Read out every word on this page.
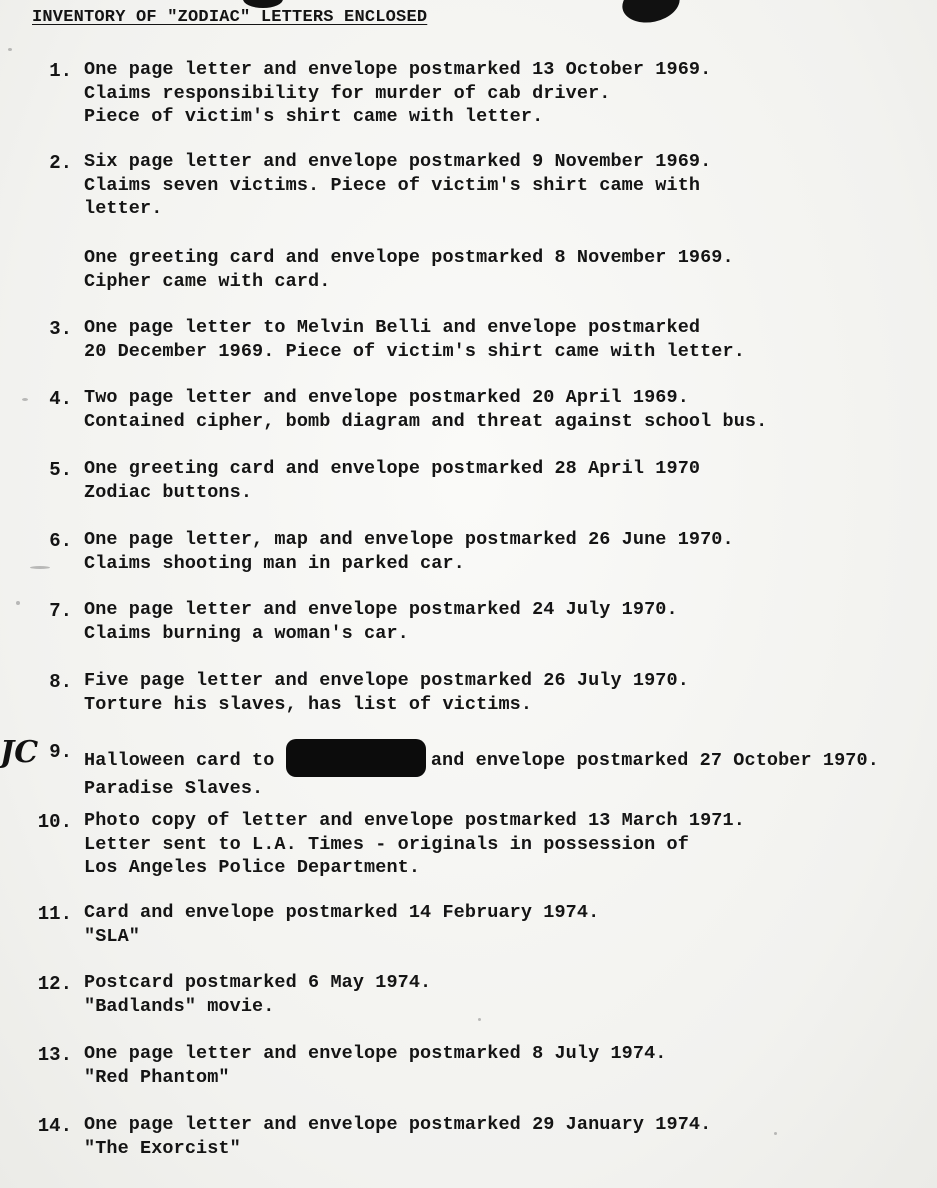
INVENTORY OF "ZODIAC" LETTERS ENCLOSED
JC
1. One page letter and envelope postmarked 13 October 1969.
Claims responsibility for murder of cab driver.
Piece of victim's shirt came with letter.
2. Six page letter and envelope postmarked 9 November 1969.
Claims seven victims. Piece of victim's shirt came with
letter.
One greeting card and envelope postmarked 8 November 1969.
Cipher came with card.
3. One page letter to Melvin Belli and envelope postmarked
20 December 1969. Piece of victim's shirt came with letter.
4. Two page letter and envelope postmarked 20 April 1969.
Contained cipher, bomb diagram and threat against school bus.
5. One greeting card and envelope postmarked 28 April 1970
Zodiac buttons.
6. One page letter, map and envelope postmarked 26 June 1970.
Claims shooting man in parked car.
7. One page letter and envelope postmarked 24 July 1970.
Claims burning a woman's car.
8. Five page letter and envelope postmarked 26 July 1970.
Torture his slaves, has list of victims.
9. Halloween card to	and envelope postmarked 27 October 1970.
Paradise Slaves.
10. Photo copy of letter and envelope postmarked 13 March 1971.
Letter sent to L.A. Times - originals in possession of
Los Angeles Police Department.
11. Card and envelope postmarked 14 February 1974.
"SLA"
12. Postcard postmarked 6 May 1974.
"Badlands" movie.
13. One page letter and envelope postmarked 8 July 1974.
"Red Phantom"
14. One page letter and envelope postmarked 29 January 1974.
"The Exorcist"
